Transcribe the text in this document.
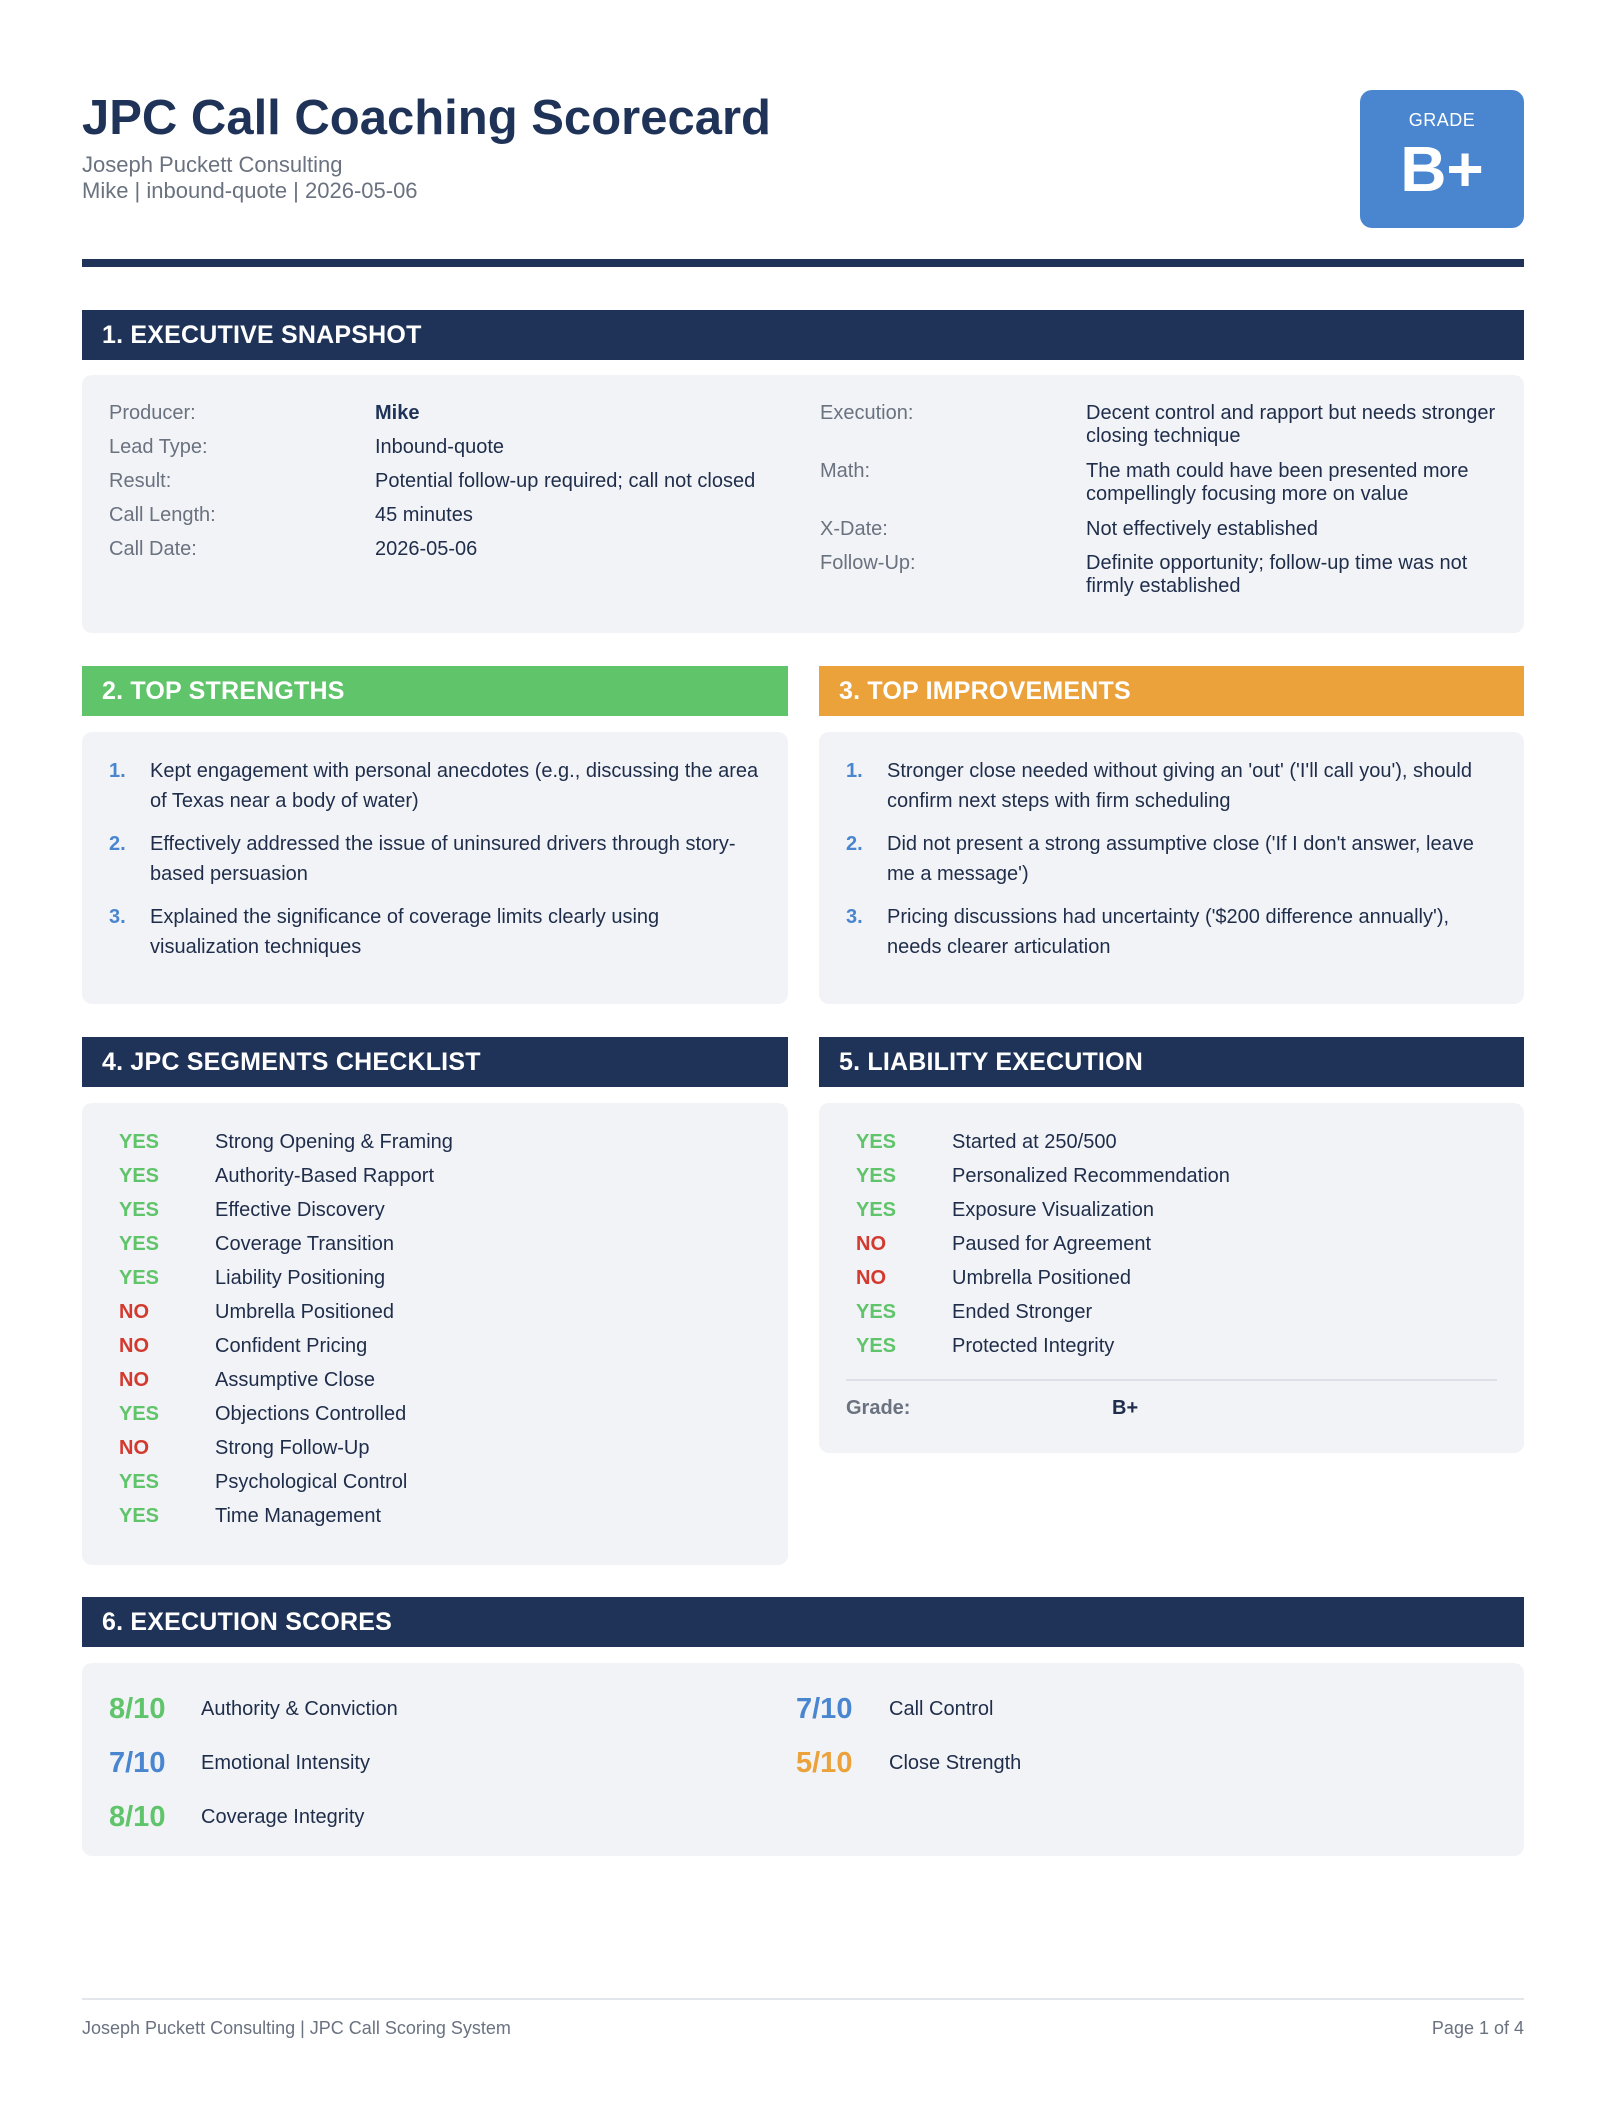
JPC Call Coaching Scorecard
Joseph Puckett Consulting
Mike | inbound-quote | 2026-05-06
GRADE
B+
1. EXECUTIVE SNAPSHOT
Producer:	Mike
Lead Type:	Inbound-quote
Result:	Potential follow-up required; call not closed
Call Length:	45 minutes
Call Date:	2026-05-06
Execution:	Decent control and rapport but needs stronger closing technique
Math:	The math could have been presented more compellingly focusing more on value
X-Date:	Not effectively established
Follow-Up:	Definite opportunity; follow-up time was not firmly established
2. TOP STRENGTHS
1. Kept engagement with personal anecdotes (e.g., discussing the area of Texas near a body of water)
2. Effectively addressed the issue of uninsured drivers through story-based persuasion
3. Explained the significance of coverage limits clearly using visualization techniques
3. TOP IMPROVEMENTS
1. Stronger close needed without giving an 'out' ('I'll call you'), should confirm next steps with firm scheduling
2. Did not present a strong assumptive close ('If I don't answer, leave me a message')
3. Pricing discussions had uncertainty ('$200 difference annually'), needs clearer articulation
4. JPC SEGMENTS CHECKLIST
YES	Strong Opening & Framing
YES	Authority-Based Rapport
YES	Effective Discovery
YES	Coverage Transition
YES	Liability Positioning
NO	Umbrella Positioned
NO	Confident Pricing
NO	Assumptive Close
YES	Objections Controlled
NO	Strong Follow-Up
YES	Psychological Control
YES	Time Management
5. LIABILITY EXECUTION
YES	Started at 250/500
YES	Personalized Recommendation
YES	Exposure Visualization
NO	Paused for Agreement
NO	Umbrella Positioned
YES	Ended Stronger
YES	Protected Integrity
Grade:	B+
6. EXECUTION SCORES
8/10 Authority & Conviction
7/10 Emotional Intensity
8/10 Coverage Integrity
7/10 Call Control
5/10 Close Strength
Joseph Puckett Consulting | JPC Call Scoring System	Page 1 of 4
